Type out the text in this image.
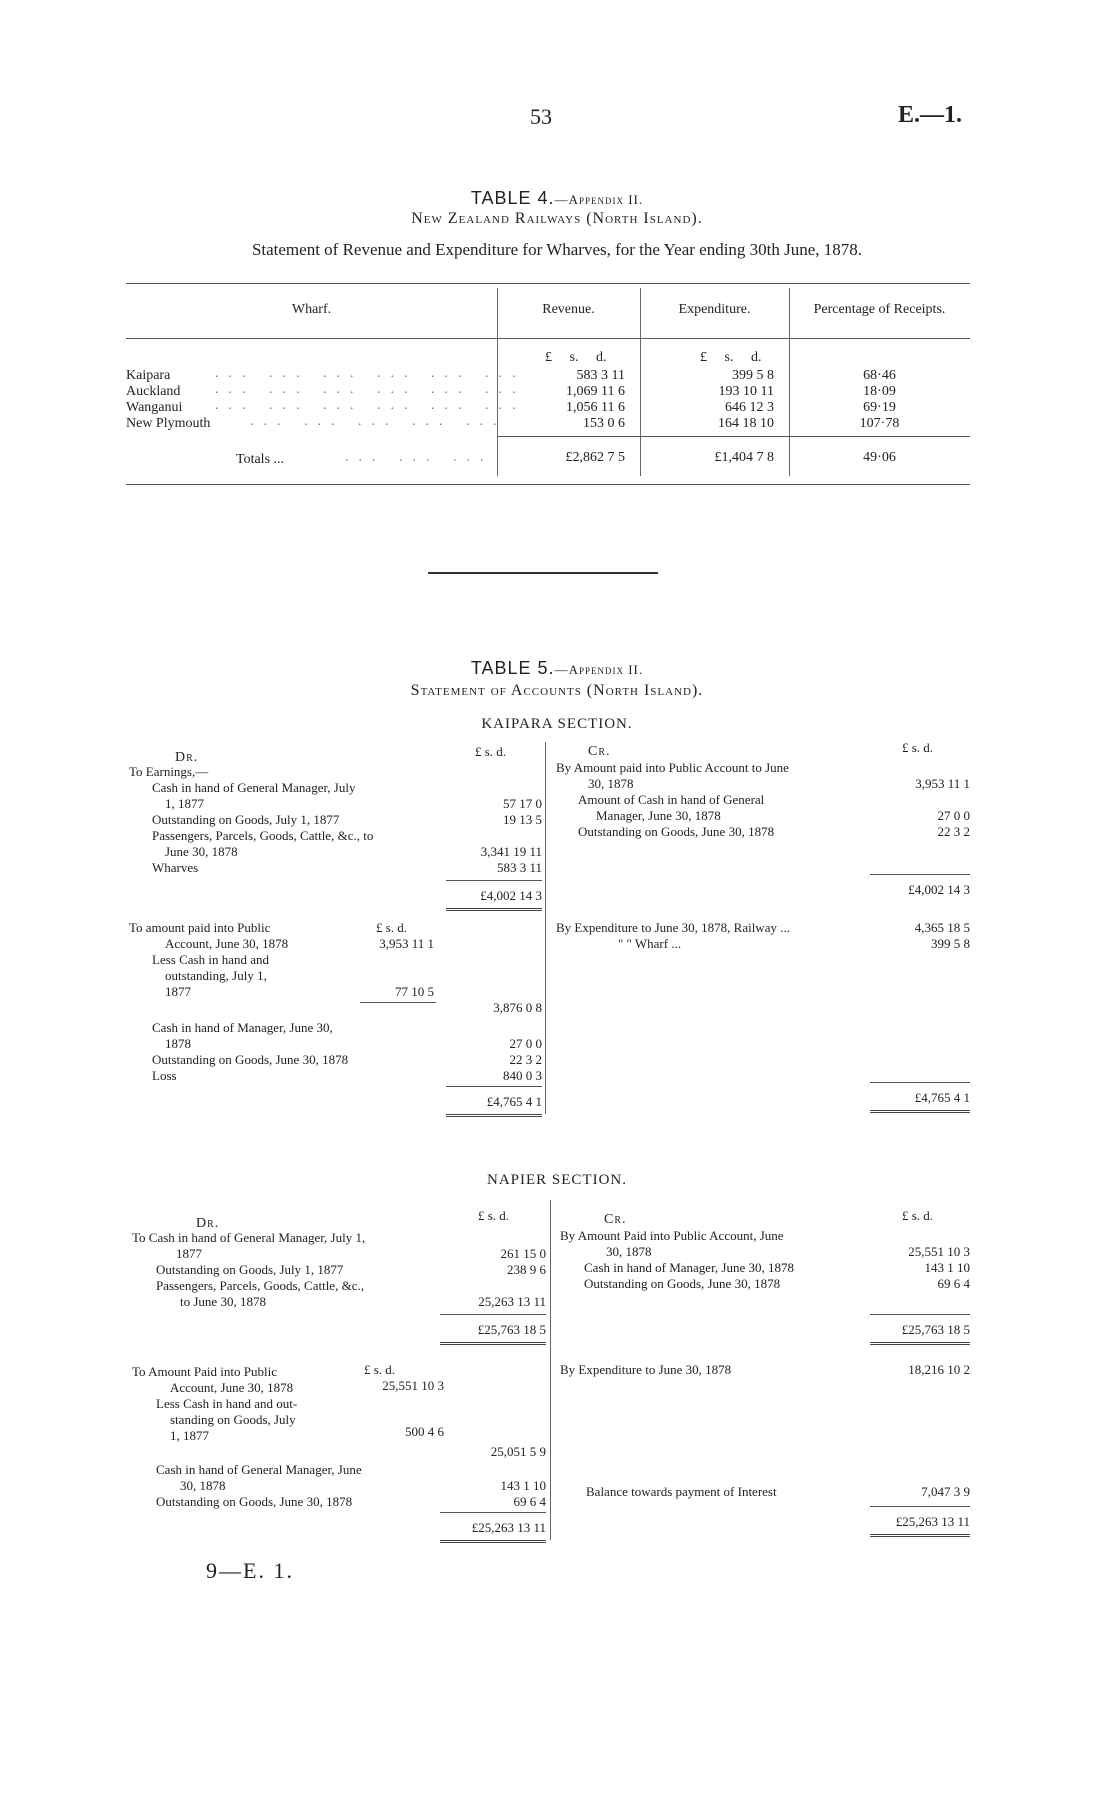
53	E.—1.
TABLE 4.—Appendix II.
New Zealand Railways (North Island).
Statement of Revenue and Expenditure for Wharves, for the Year ending 30th June, 1878.
Wharf.	Revenue.	Expenditure.	Percentage of Receipts.
£ s. d.	£ s. d.
Kaipara	... ... ... ... ... ...	583 3 11	399 5 8	68·46
Auckland ... ... ... ... ... ...	1,069 11 6	193 10 11	18·09
Wanganui ... ... ... ... ... ...	1,056 11 6	646 12 3	69·19
New Plymouth	... ... ... ... ...	153 0 6	164 18 10	107·78
Totals ...	... ... ...	£2,862 7 5	£1,404 7 8	49·06
TABLE 5.—Appendix II.
Statement of Accounts (North Island).
KAIPARA SECTION.
Dr.	£ s. d.	Cr.	£ s. d.
To Earnings,—
Cash in hand of General Manager, July
1, 1877	57 17 0
Outstanding on Goods, July 1, 1877	19 13 5
Passengers, Parcels, Goods, Cattle, &c., to
June 30, 1878	3,341 19 11
Wharves	583 3 11
£4,002 14 3
By Amount paid into Public Account to June
30, 1878	3,953 11 1
Amount of Cash in hand of General
Manager, June 30, 1878	27 0 0
Outstanding on Goods, June 30, 1878	22 3 2
£4,002 14 3
To amount paid into Public	£ s. d.
Account, June 30, 1878	3,953 11 1
Less Cash in hand and
outstanding, July 1,
1877	77 10 5
3,876 0 8
Cash in hand of Manager, June 30,
1878	27 0 0
Outstanding on Goods, June 30, 1878	22 3 2
Loss	840 0 3
£4,765 4 1
By Expenditure to June 30, 1878, Railway ...	4,365 18 5
" " Wharf ...	399 5 8
£4,765 4 1
NAPIER SECTION.
Dr.
£ s. d.	Cr.	£ s. d.
To Cash in hand of General Manager, July 1,
1877	261 15 0
Outstanding on Goods, July 1, 1877	238 9 6
Passengers, Parcels, Goods, Cattle, &c.,
to June 30, 1878	25,263 13 11
£25,763 18 5
By Amount Paid into Public Account, June
30, 1878	25,551 10 3
Cash in hand of Manager, June 30, 1878	143 1 10
Outstanding on Goods, June 30, 1878	69 6 4
£25,763 18 5
To Amount Paid into Public	£ s. d.
Account, June 30, 1878	25,551 10 3
Less Cash in hand and out-
standing on Goods, July
1, 1877	500 4 6
25,051 5 9
Cash in hand of General Manager, June
30, 1878	143 1 10
Outstanding on Goods, June 30, 1878	69 6 4
£25,263 13 11
By Expenditure to June 30, 1878	18,216 10 2
Balance towards payment of Interest	7,047 3 9
£25,263 13 11
9—E. 1.
